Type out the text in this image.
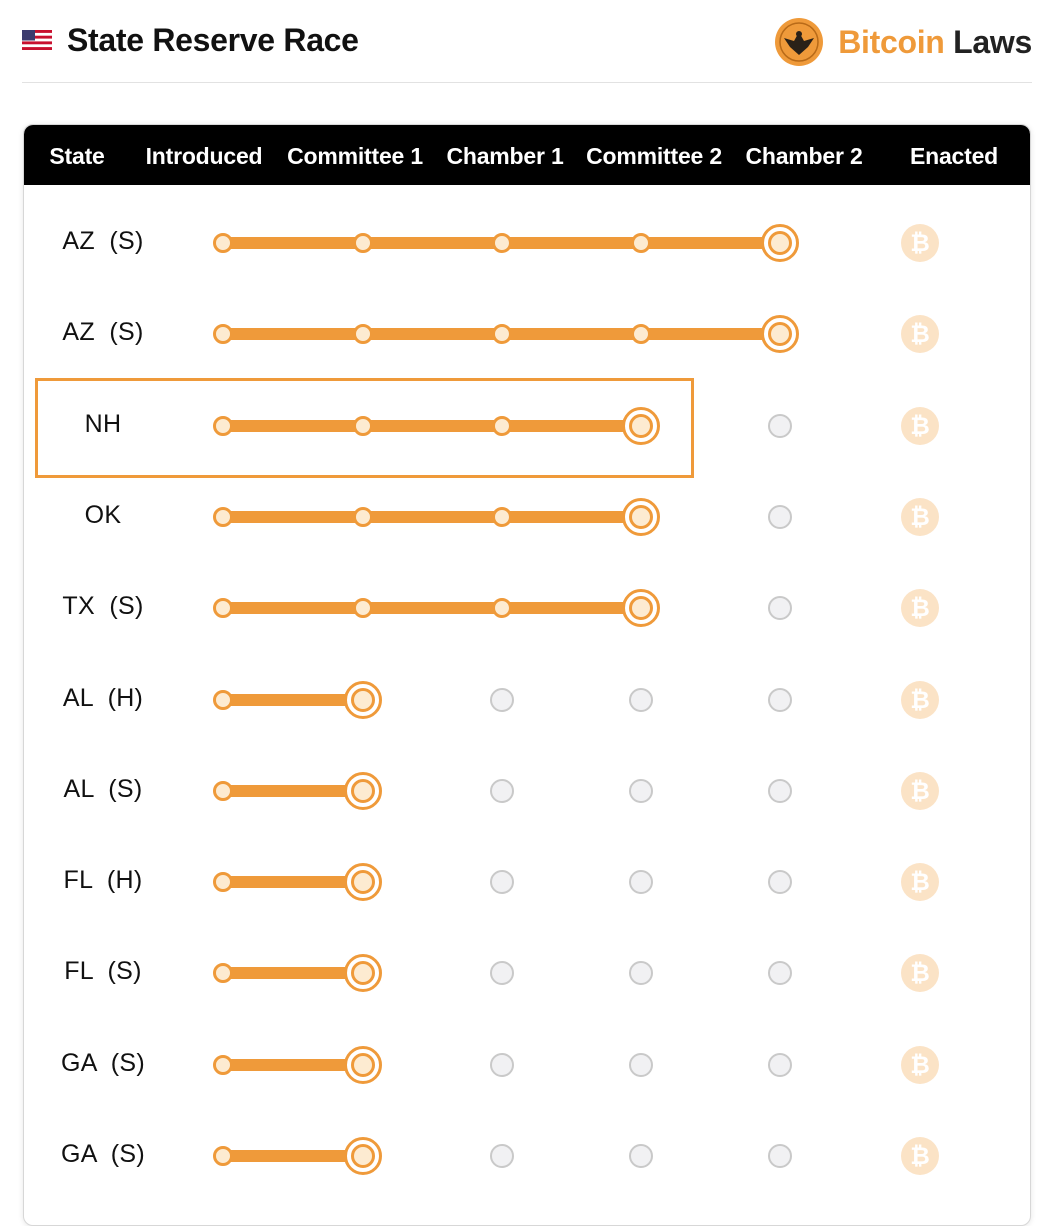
State Reserve Race	Bitcoin Laws
State Introduced Committee 1 Chamber 1 Committee 2 Chamber 2 Enacted
AZ  (S)	₿
AZ  (S)	₿
NH	₿
OK	₿
TX  (S)	₿
AL  (H)	₿
AL  (S)	₿
FL  (H)	₿
FL  (S)	₿
GA  (S)	₿
GA  (S)	₿
